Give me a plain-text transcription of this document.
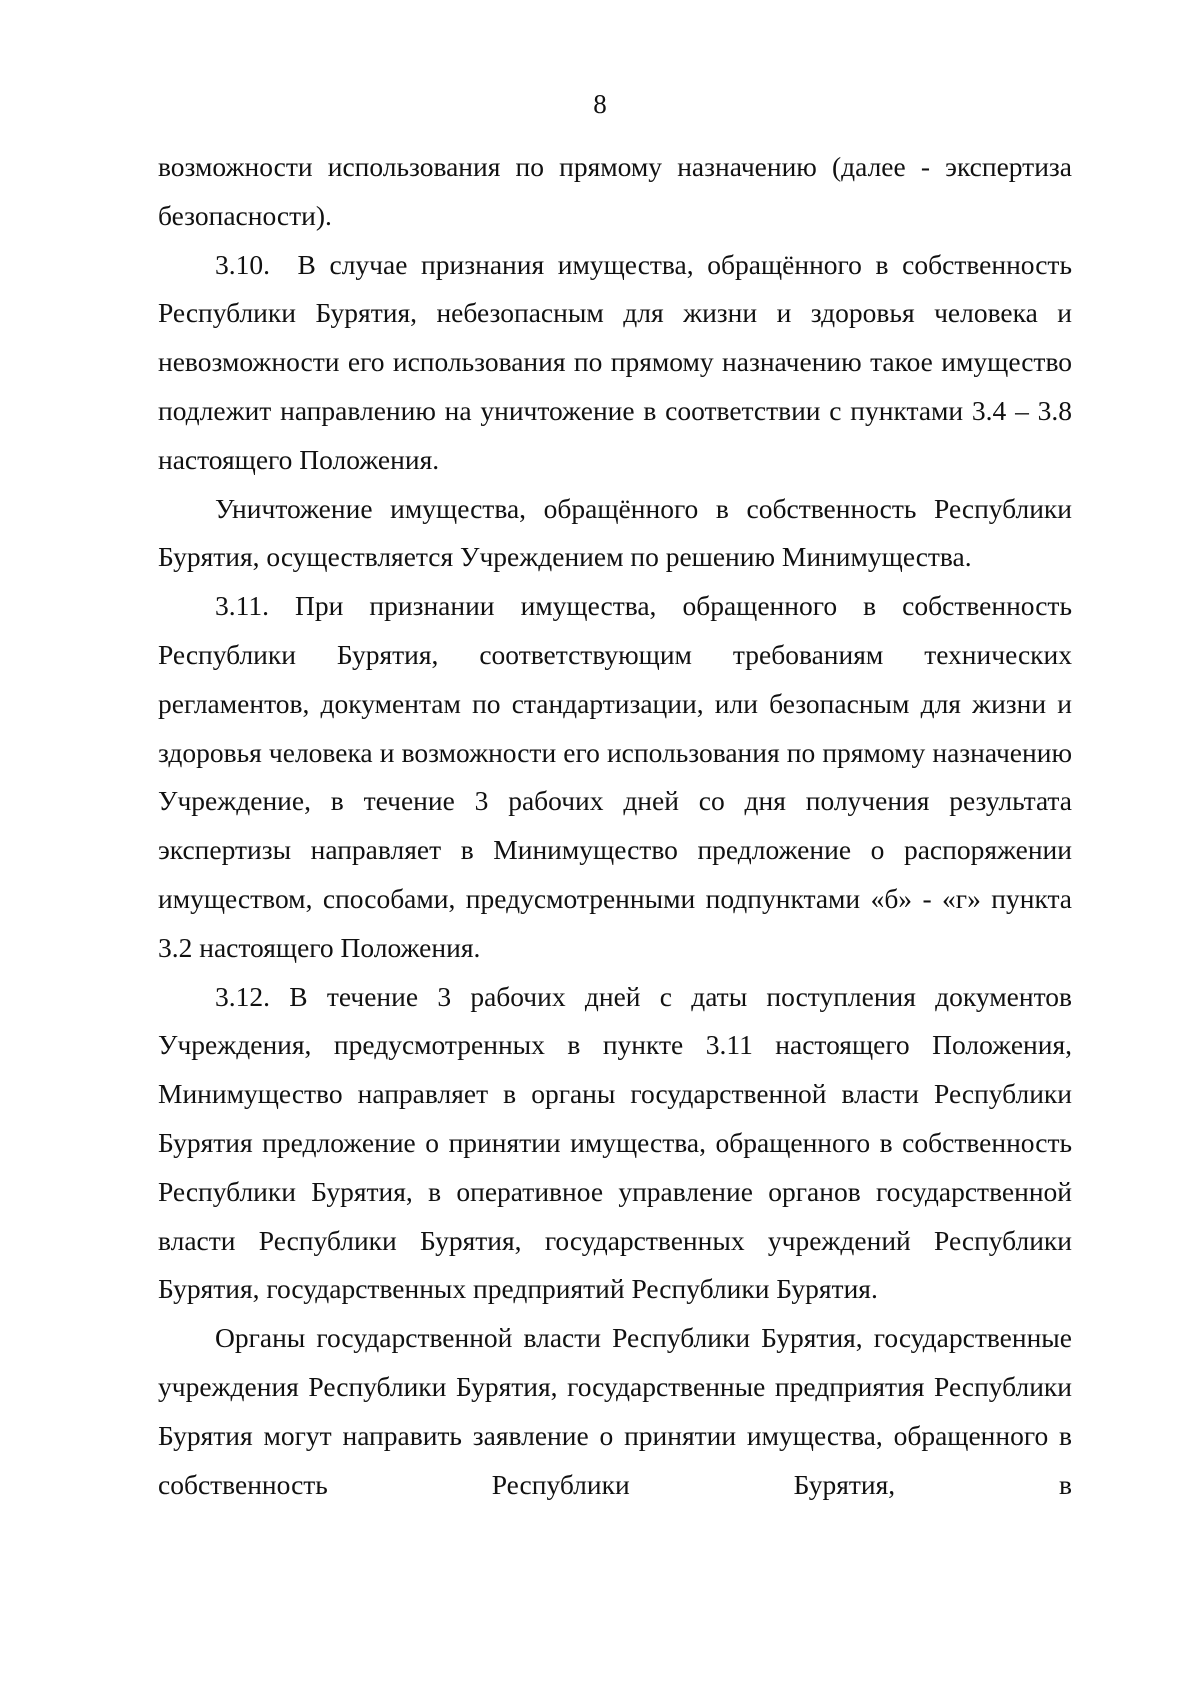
8

возможности использования по прямому назначению (далее - экспертиза безопасности).

3.10. В случае признания имущества, обращённого в собственность Республики Бурятия, небезопасным для жизни и здоровья человека и невозможности его использования по прямому назначению такое имущество подлежит направлению на уничтожение в соответствии с пунктами 3.4 – 3.8 настоящего Положения.

Уничтожение имущества, обращённого в собственность Республики Бурятия, осуществляется Учреждением по решению Минимущества.

3.11. При признании имущества, обращенного в собственность Республики Бурятия, соответствующим требованиям технических регламентов, документам по стандартизации, или безопасным для жизни и здоровья человека и возможности его использования по прямому назначению Учреждение, в течение 3 рабочих дней со дня получения результата экспертизы направляет в Минимущество предложение о распоряжении имуществом, способами, предусмотренными подпунктами «б» - «г» пункта 3.2 настоящего Положения.

3.12. В течение 3 рабочих дней с даты поступления документов Учреждения, предусмотренных в пункте 3.11 настоящего Положения, Минимущество направляет в органы государственной власти Республики Бурятия предложение о принятии имущества, обращенного в собственность Республики Бурятия, в оперативное управление органов государственной власти Республики Бурятия, государственных учреждений Республики Бурятия, государственных предприятий Республики Бурятия.

Органы государственной власти Республики Бурятия, государственные учреждения Республики Бурятия, государственные предприятия Республики Бурятия могут направить заявление о принятии имущества, обращенного в собственность Республики Бурятия, в
